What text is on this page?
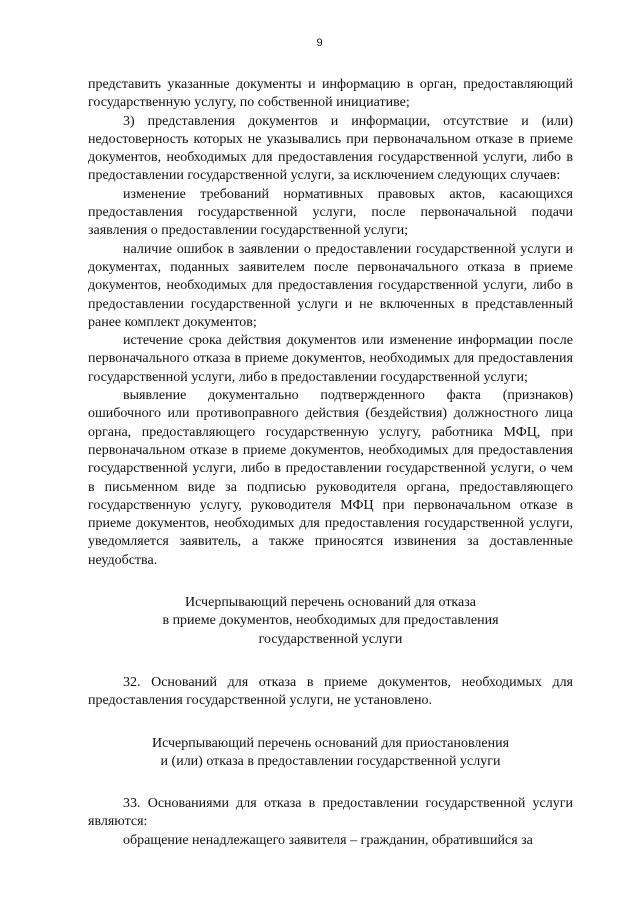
9

представить указанные документы и информацию в орган, предоставляющий государственную услугу, по собственной инициативе;

3) представления документов и информации, отсутствие и (или) недостоверность которых не указывались при первоначальном отказе в приеме документов, необходимых для предоставления государственной услуги, либо в предоставлении государственной услуги, за исключением следующих случаев:

изменение требований нормативных правовых актов, касающихся предоставления государственной услуги, после первоначальной подачи заявления о предоставлении государственной услуги;

наличие ошибок в заявлении о предоставлении государственной услуги и документах, поданных заявителем после первоначального отказа в приеме документов, необходимых для предоставления государственной услуги, либо в предоставлении государственной услуги и не включенных в представленный ранее комплект документов;

истечение срока действия документов или изменение информации после первоначального отказа в приеме документов, необходимых для предоставления государственной услуги, либо в предоставлении государственной услуги;

выявление документально подтвержденного факта (признаков) ошибочного или противоправного действия (бездействия) должностного лица органа, предоставляющего государственную услугу, работника МФЦ, при первоначальном отказе в приеме документов, необходимых для предоставления государственной услуги, либо в предоставлении государственной услуги, о чем в письменном виде за подписью руководителя органа, предоставляющего государственную услугу, руководителя МФЦ при первоначальном отказе в приеме документов, необходимых для предоставления государственной услуги, уведомляется заявитель, а также приносятся извинения за доставленные неудобства.

Исчерпывающий перечень оснований для отказа
в приеме документов, необходимых для предоставления
государственной услуги

32. Оснований для отказа в приеме документов, необходимых для предоставления государственной услуги, не установлено.

Исчерпывающий перечень оснований для приостановления
и (или) отказа в предоставлении государственной услуги

33. Основаниями для отказа в предоставлении государственной услуги являются:

обращение ненадлежащего заявителя – гражданин, обратившийся за
